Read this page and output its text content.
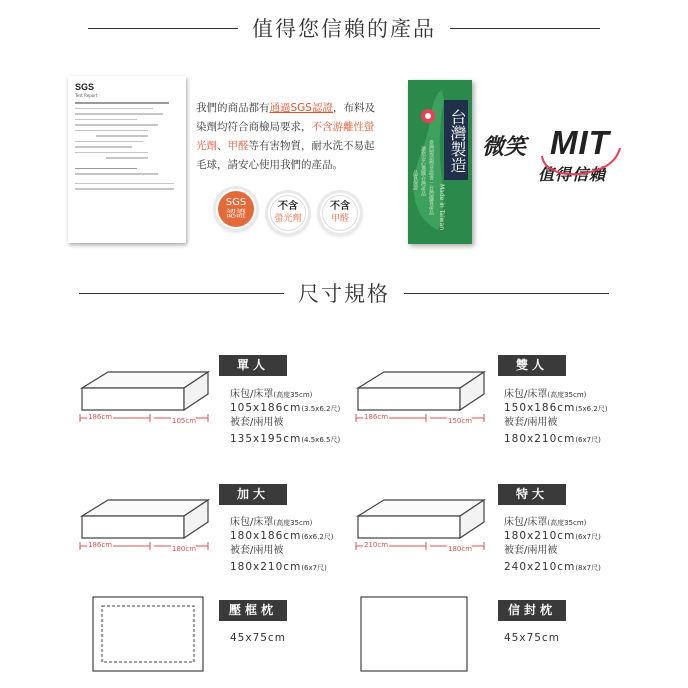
值得您信賴的產品
SGS
Test Report
我們的商品都有通過SGS認證，布料及
染劑均符合商檢局要求，不含游離性螢
光劑、甲醛等有害物質，耐水洗不易起
毛球，請安心使用我們的產品。
SGS
認證
不含
螢光劑
不含
甲醛
台灣製造
Made in Taiwan
臺灣製造標章證書｜台灣優質產品
讓您安心選購台灣產品
品質保證
微笑 MIT
值得信賴
尺寸規格
186cm	105cm
單人
床包/床罩(高度35cm)
105x186cm(3.5x6.2尺)
被套/兩用被
135x195cm(4.5x6.5尺)
186cm	150cm
雙人
床包/床罩(高度35cm)
150x186cm(5x6.2尺)
被套/兩用被
180x210cm(6x7尺)
186cm	180cm
加大
床包/床罩(高度35cm)
180x186cm(6x6.2尺)
被套/兩用被
180x210cm(6x7尺)
210cm	180cm
特大
床包/床罩(高度35cm)
180x210cm(6x7尺)
被套/兩用被
240x210cm(8x7尺)
壓框枕
45x75cm
信封枕
45x75cm
